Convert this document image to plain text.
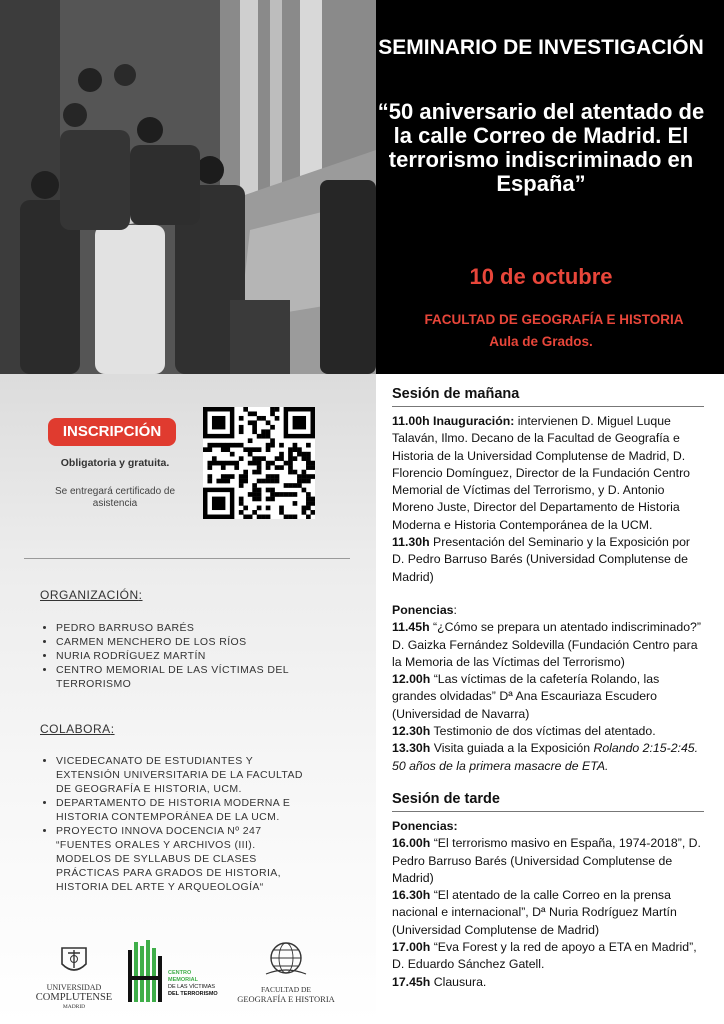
SEMINARIO DE INVESTIGACIÓN
“50 aniversario del atentado de la calle Correo de Madrid. El terrorismo indiscriminado en España”
10 de octubre
FACULTAD DE GEOGRAFÍA E HISTORIA
Aula de Grados.
INSCRIPCIÓN
Obligatoria y gratuita.
Se entregará certificado de asistencia
ORGANIZACIÓN:
• PEDRO BARRUSO BARÉS
• CARMEN MENCHERO DE LOS RÍOS
• NURIA RODRÍGUEZ MARTÍN
• CENTRO MEMORIAL DE LAS VÍCTIMAS DEL TERRORISMO
COLABORA:
• VICEDECANATO DE ESTUDIANTES Y EXTENSIÓN UNIVERSITARIA DE LA FACULTAD DE GEOGRAFÍA E HISTORIA, UCM.
• DEPARTAMENTO DE HISTORIA MODERNA E HISTORIA CONTEMPORÁNEA DE LA UCM.
• PROYECTO INNOVA DOCENCIA Nº 247 “FUENTES ORALES Y ARCHIVOS (III). MODELOS DE SYLLABUS DE CLASES PRÁCTICAS PARA GRADOS DE HISTORIA, HISTORIA DEL ARTE Y ARQUEOLOGÍA“
UNIVERSIDAD
COMPLUTENSE
MADRID
CENTRO
MEMORIAL
DE LAS VÍCTIMAS
DEL TERRORISMO	FACULTAD DE
GEOGRAFÍA E HISTORIA
Sesión de mañana

11.00h Inauguración: intervienen D. Miguel Luque Talaván, Ilmo. Decano de la Facultad de Geografía e Historia de la Universidad Complutense de Madrid, D. Florencio Domínguez, Director de la Fundación Centro Memorial de Víctimas del Terrorismo, y D. Antonio Moreno Juste, Director del Departamento de Historia Moderna e Historia Contemporánea de la UCM.

11.30h Presentación del Seminario y la Exposición por D. Pedro Barruso Barés (Universidad Complutense de Madrid)

Ponencias:

11.45h “¿Cómo se prepara un atentado indiscriminado?” D. Gaizka Fernández Soldevilla (Fundación Centro para la Memoria de las Víctimas del Terrorismo)

12.00h “Las víctimas de la cafetería Rolando, las grandes olvidadas” Dª Ana Escauriaza Escudero (Universidad de Navarra)

12.30h Testimonio de dos víctimas del atentado.

13.30h Visita guiada a la Exposición Rolando 2:15-2:45. 50 años de la primera masacre de ETA.

Sesión de tarde

Ponencias:

16.00h “El terrorismo masivo en España, 1974-2018”, D. Pedro Barruso Barés (Universidad Complutense de Madrid)

16.30h “El atentado de la calle Correo en la prensa nacional e internacional”, Dª Nuria Rodríguez Martín (Universidad Complutense de Madrid)

17.00h “Eva Forest y la red de apoyo a ETA en Madrid”, D. Eduardo Sánchez Gatell.

17.45h Clausura.
